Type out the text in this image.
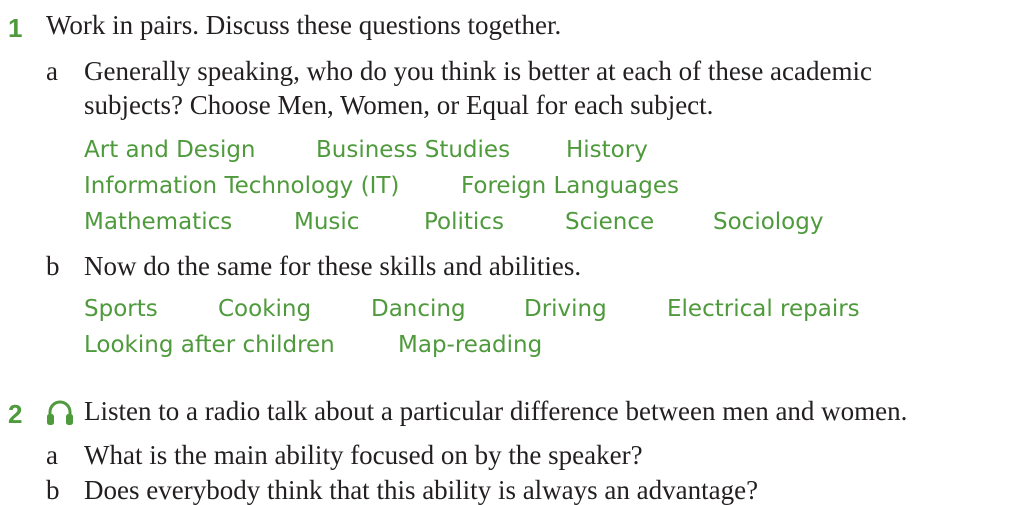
1 Work in pairs. Discuss these questions together.
a Generally speaking, who do you think is better at each of these academic
subjects? Choose Men, Women, or Equal for each subject.
Art and Design	Business Studies History
Information Technology (IT)	Foreign Languages
Mathematics	Music	Politics	Science	Sociology
b Now do the same for these skills and abilities.
Sports	Cooking	Dancing	Driving	Electrical repairs
Looking after children	Map-reading
2 Listen to a radio talk about a particular difference between men and women.
a What is the main ability focused on by the speaker?
b Does everybody think that this ability is always an advantage?
